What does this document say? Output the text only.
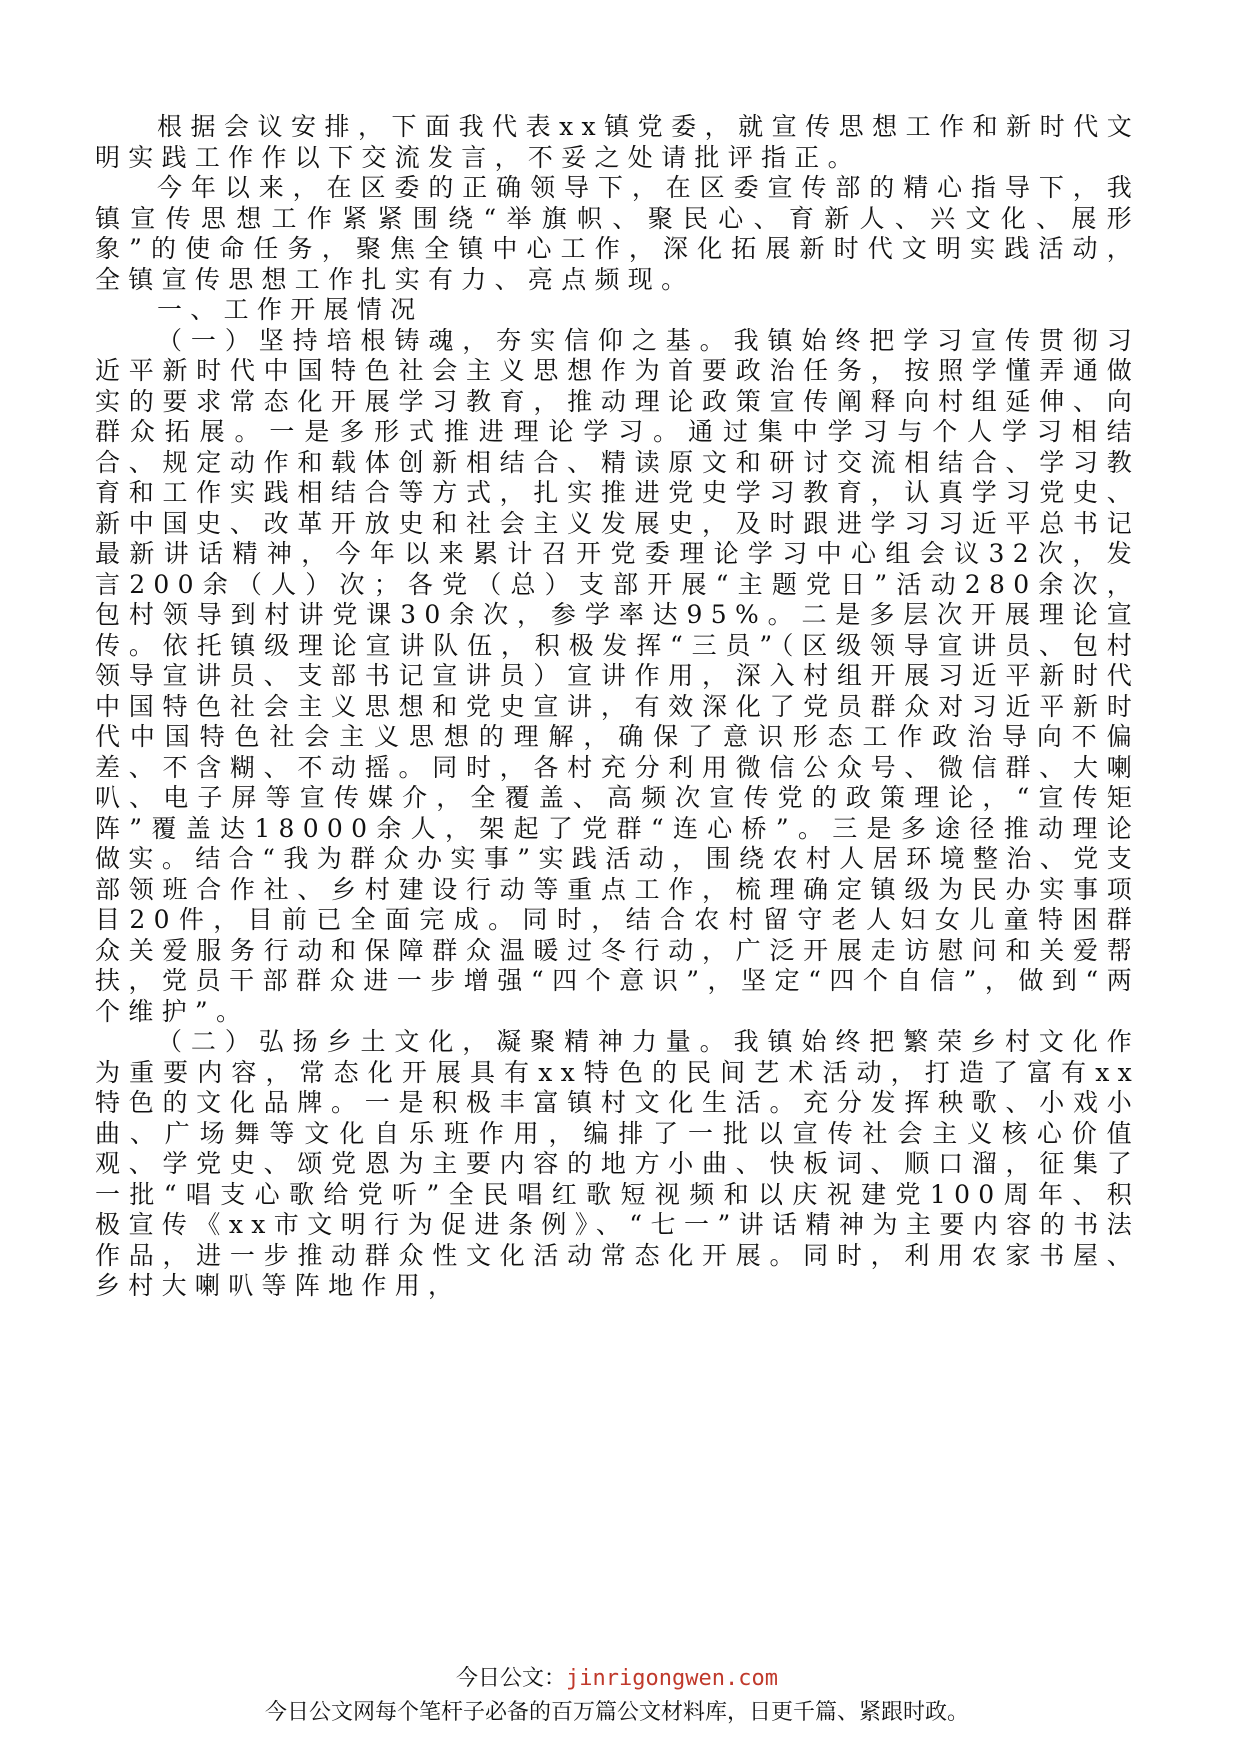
根据会议安排，下面我代表xx镇党委，就宣传思想工作和新时代文明实践工作作以下交流发言，不妥之处请批评指正。

今年以来，在区委的正确领导下，在区委宣传部的精心指导下，我镇宣传思想工作紧紧围绕“举旗帜、聚民心、育新人、兴文化、展形象”的使命任务，聚焦全镇中心工作，深化拓展新时代文明实践活动，全镇宣传思想工作扎实有力、亮点频现。

一、工作开展情况

（一）坚持培根铸魂，夯实信仰之基。我镇始终把学习宣传贯彻习近平新时代中国特色社会主义思想作为首要政治任务，按照学懂弄通做实的要求常态化开展学习教育，推动理论政策宣传阐释向村组延伸、向群众拓展。一是多形式推进理论学习。通过集中学习与个人学习相结合、规定动作和载体创新相结合、精读原文和研讨交流相结合、学习教育和工作实践相结合等方式，扎实推进党史学习教育，认真学习党史、新中国史、改革开放史和社会主义发展史，及时跟进学习习近平总书记最新讲话精神，今年以来累计召开党委理论学习中心组会议32次，发言200余（人）次；各党（总）支部开展“主题党日”活动280余次，包村领导到村讲党课30余次，参学率达95%。二是多层次开展理论宣传。依托镇级理论宣讲队伍，积极发挥“三员”（区级领导宣讲员、包村领导宣讲员、支部书记宣讲员）宣讲作用，深入村组开展习近平新时代中国特色社会主义思想和党史宣讲，有效深化了党员群众对习近平新时代中国特色社会主义思想的理解，确保了意识形态工作政治导向不偏差、不含糊、不动摇。同时，各村充分利用微信公众号、微信群、大喇叭、电子屏等宣传媒介，全覆盖、高频次宣传党的政策理论，“宣传矩阵”覆盖达18000余人，架起了党群“连心桥”。三是多途径推动理论做实。结合“我为群众办实事”实践活动，围绕农村人居环境整治、党支部领班合作社、乡村建设行动等重点工作，梳理确定镇级为民办实事项目20件，目前已全面完成。同时，结合农村留守老人妇女儿童特困群众关爱服务行动和保障群众温暖过冬行动，广泛开展走访慰问和关爱帮扶，党员干部群众进一步增强“四个意识”，坚定“四个自信”，做到“两个维护”。

（二）弘扬乡土文化，凝聚精神力量。我镇始终把繁荣乡村文化作为重要内容，常态化开展具有xx特色的民间艺术活动，打造了富有xx特色的文化品牌。一是积极丰富镇村文化生活。充分发挥秧歌、小戏小曲、广场舞等文化自乐班作用，编排了一批以宣传社会主义核心价值观、学党史、颂党恩为主要内容的地方小曲、快板词、顺口溜，征集了一批“唱支心歌给党听”全民唱红歌短视频和以庆祝建党100周年、积极宣传《xx市文明行为促进条例》、“七一”讲话精神为主要内容的书法作品，进一步推动群众性文化活动常态化开展。同时，利用农家书屋、乡村大喇叭等阵地作用，

今日公文：jinrigongwen.com
今日公文网每个笔杆子必备的百万篇公文材料库，日更千篇、紧跟时政。
